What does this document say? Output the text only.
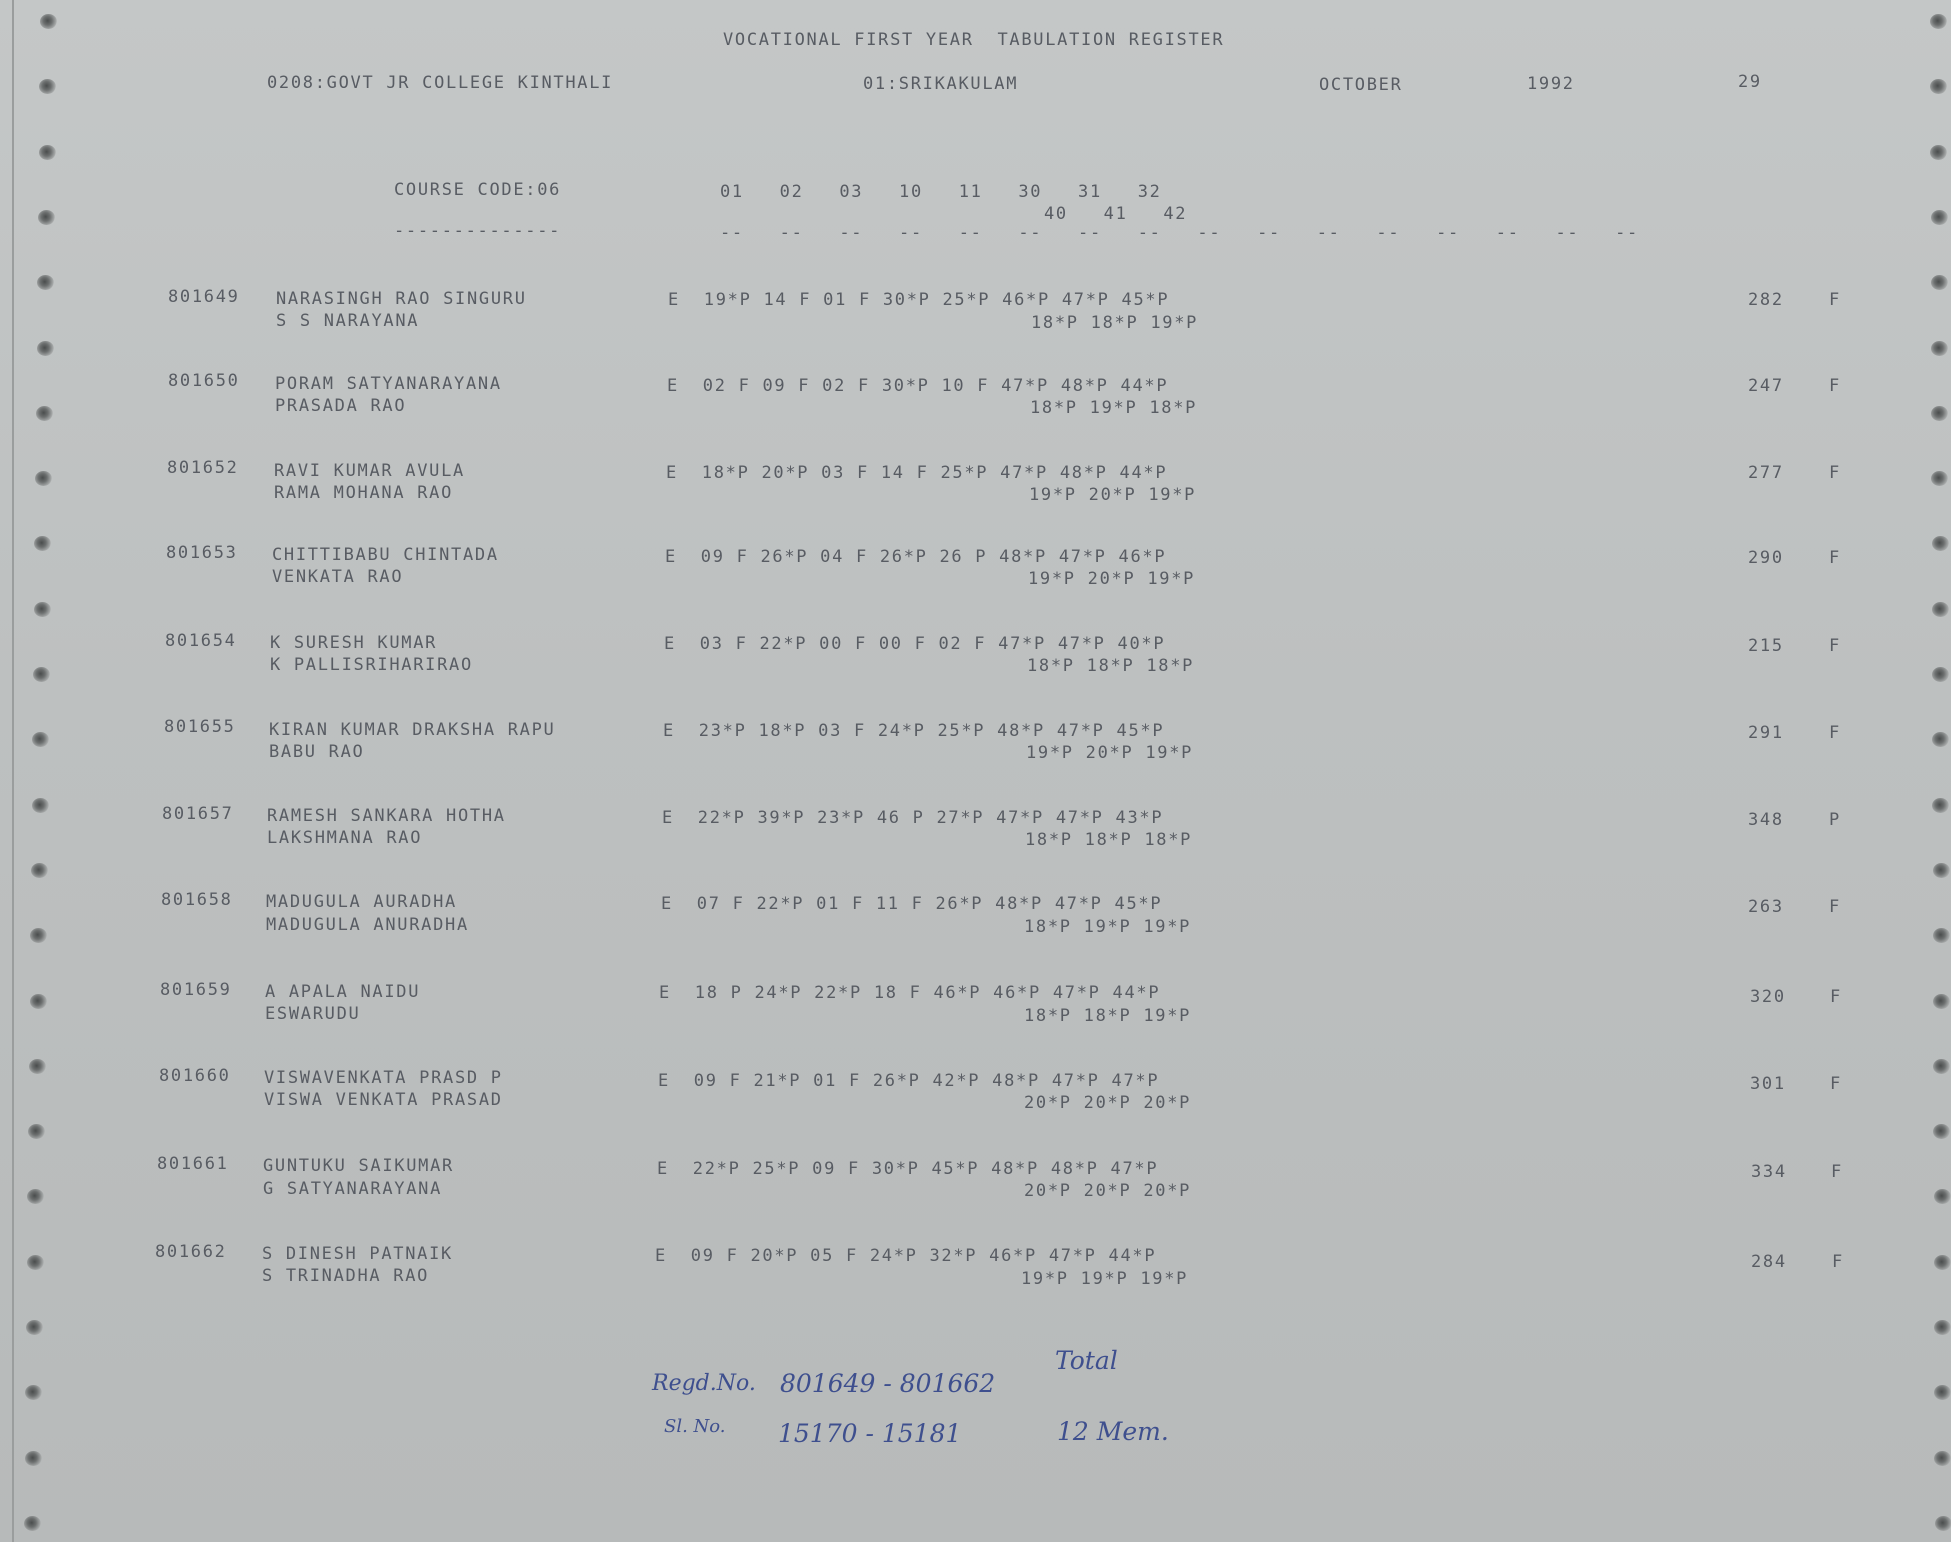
VOCATIONAL FIRST YEAR  TABULATION REGISTER
0208:GOVT JR COLLEGE KINTHALI	01:SRIKAKULAM	OCTOBER	1992	29
COURSE CODE:06
--------------
01   02   03   10   11   30   31   32
40   41   42
--   --   --   --   --   --   --   --   --   --   --   --   --   --   --   --
801649 NARASINGH RAO SINGURU
S S NARAYANA
E  19*P 14 F 01 F 30*P 25*P 46*P 47*P 45*P
18*P 18*P 19*P
282	F
801650 PORAM SATYANARAYANA
PRASADA RAO
E  02 F 09 F 02 F 30*P 10 F 47*P 48*P 44*P
18*P 19*P 18*P
247	F
801652 RAVI KUMAR AVULA
RAMA MOHANA RAO
E  18*P 20*P 03 F 14 F 25*P 47*P 48*P 44*P
19*P 20*P 19*P
277	F
801653 CHITTIBABU CHINTADA
VENKATA RAO
E  09 F 26*P 04 F 26*P 26 P 48*P 47*P 46*P
19*P 20*P 19*P
290	F
801654 K SURESH KUMAR
K PALLISRIHARIRAO
E  03 F 22*P 00 F 00 F 02 F 47*P 47*P 40*P
18*P 18*P 18*P
215	F
801655 KIRAN KUMAR DRAKSHA RAPU
BABU RAO
E  23*P 18*P 03 F 24*P 25*P 48*P 47*P 45*P
19*P 20*P 19*P
291	F
801657 RAMESH SANKARA HOTHA
LAKSHMANA RAO
E  22*P 39*P 23*P 46 P 27*P 47*P 47*P 43*P
18*P 18*P 18*P
348	P
801658 MADUGULA AURADHA
MADUGULA ANURADHA
E  07 F 22*P 01 F 11 F 26*P 48*P 47*P 45*P
18*P 19*P 19*P
263	F
801659 A APALA NAIDU
ESWARUDU
E  18 P 24*P 22*P 18 F 46*P 46*P 47*P 44*P
18*P 18*P 19*P
320	F
801660 VISWAVENKATA PRASD P
VISWA VENKATA PRASAD
E  09 F 21*P 01 F 26*P 42*P 48*P 47*P 47*P
20*P 20*P 20*P
301	F
801661 GUNTUKU SAIKUMAR
G SATYANARAYANA
E  22*P 25*P 09 F 30*P 45*P 48*P 48*P 47*P
20*P 20*P 20*P
334	F
801662 S DINESH PATNAIK
S TRINADHA RAO
E  09 F 20*P 05 F 24*P 32*P 46*P 47*P 44*P
19*P 19*P 19*P
284	F
Regd.No. 801649 - 801662
Sl. No. 15170 - 15181
Total
12 Mem.
